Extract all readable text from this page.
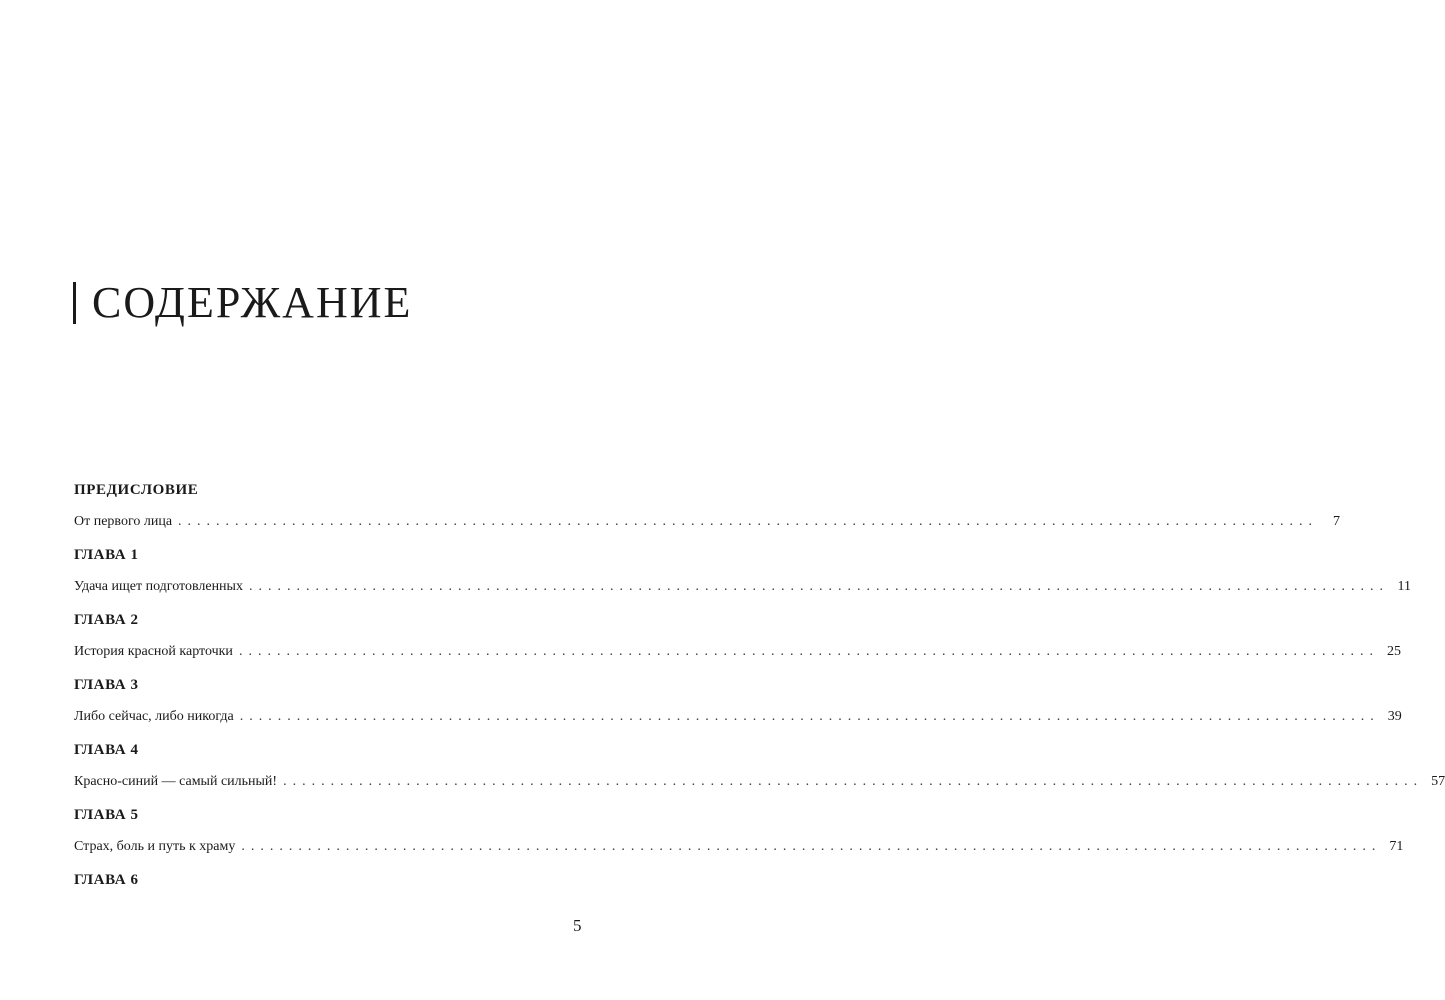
СОДЕРЖАНИЕ
ПРЕДИСЛОВИЕ
От первого лица ........................................................................................................................	7
ГЛАВА 1
Удача ищет подготовленных ........................................................................................................................ 11
ГЛАВА 2
История красной карточки ........................................................................................................................ 25
ГЛАВА 3
Либо сейчас, либо никогда ........................................................................................................................ 39
ГЛАВА 4
Красно-синий — самый сильный! ........................................................................................................................ 57
ГЛАВА 5
Страх, боль и путь к храму ........................................................................................................................ 71
ГЛАВА 6
5
